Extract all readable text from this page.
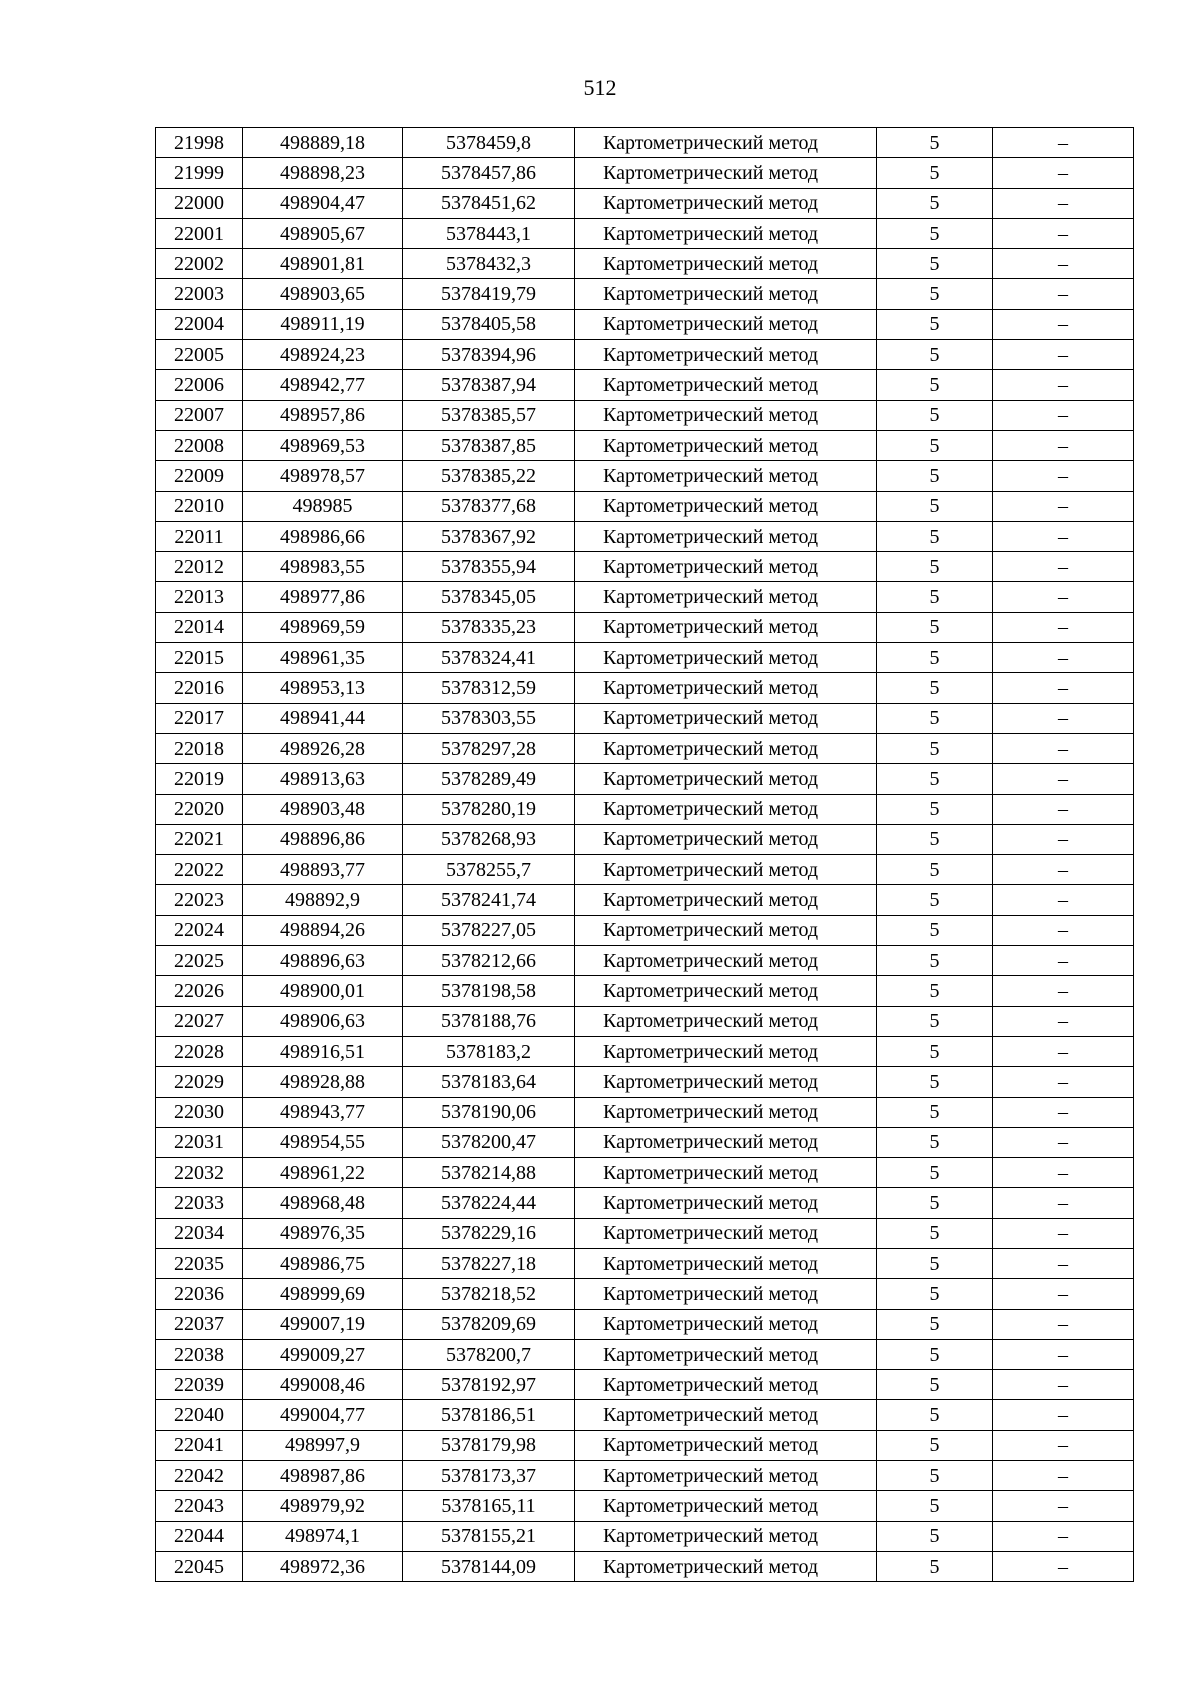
512
21998	498889,18	5378459,8	Картометрический метод	5	–
21999	498898,23	5378457,86	Картометрический метод	5	–
22000	498904,47	5378451,62	Картометрический метод	5	–
22001	498905,67	5378443,1	Картометрический метод	5	–
22002	498901,81	5378432,3	Картометрический метод	5	–
22003	498903,65	5378419,79	Картометрический метод	5	–
22004	498911,19	5378405,58	Картометрический метод	5	–
22005	498924,23	5378394,96	Картометрический метод	5	–
22006	498942,77	5378387,94	Картометрический метод	5	–
22007	498957,86	5378385,57	Картометрический метод	5	–
22008	498969,53	5378387,85	Картометрический метод	5	–
22009	498978,57	5378385,22	Картометрический метод	5	–
22010	498985	5378377,68	Картометрический метод	5	–
22011	498986,66	5378367,92	Картометрический метод	5	–
22012	498983,55	5378355,94	Картометрический метод	5	–
22013	498977,86	5378345,05	Картометрический метод	5	–
22014	498969,59	5378335,23	Картометрический метод	5	–
22015	498961,35	5378324,41	Картометрический метод	5	–
22016	498953,13	5378312,59	Картометрический метод	5	–
22017	498941,44	5378303,55	Картометрический метод	5	–
22018	498926,28	5378297,28	Картометрический метод	5	–
22019	498913,63	5378289,49	Картометрический метод	5	–
22020	498903,48	5378280,19	Картометрический метод	5	–
22021	498896,86	5378268,93	Картометрический метод	5	–
22022	498893,77	5378255,7	Картометрический метод	5	–
22023	498892,9	5378241,74	Картометрический метод	5	–
22024	498894,26	5378227,05	Картометрический метод	5	–
22025	498896,63	5378212,66	Картометрический метод	5	–
22026	498900,01	5378198,58	Картометрический метод	5	–
22027	498906,63	5378188,76	Картометрический метод	5	–
22028	498916,51	5378183,2	Картометрический метод	5	–
22029	498928,88	5378183,64	Картометрический метод	5	–
22030	498943,77	5378190,06	Картометрический метод	5	–
22031	498954,55	5378200,47	Картометрический метод	5	–
22032	498961,22	5378214,88	Картометрический метод	5	–
22033	498968,48	5378224,44	Картометрический метод	5	–
22034	498976,35	5378229,16	Картометрический метод	5	–
22035	498986,75	5378227,18	Картометрический метод	5	–
22036	498999,69	5378218,52	Картометрический метод	5	–
22037	499007,19	5378209,69	Картометрический метод	5	–
22038	499009,27	5378200,7	Картометрический метод	5	–
22039	499008,46	5378192,97	Картометрический метод	5	–
22040	499004,77	5378186,51	Картометрический метод	5	–
22041	498997,9	5378179,98	Картометрический метод	5	–
22042	498987,86	5378173,37	Картометрический метод	5	–
22043	498979,92	5378165,11	Картометрический метод	5	–
22044	498974,1	5378155,21	Картометрический метод	5	–
22045	498972,36	5378144,09	Картометрический метод	5	–
